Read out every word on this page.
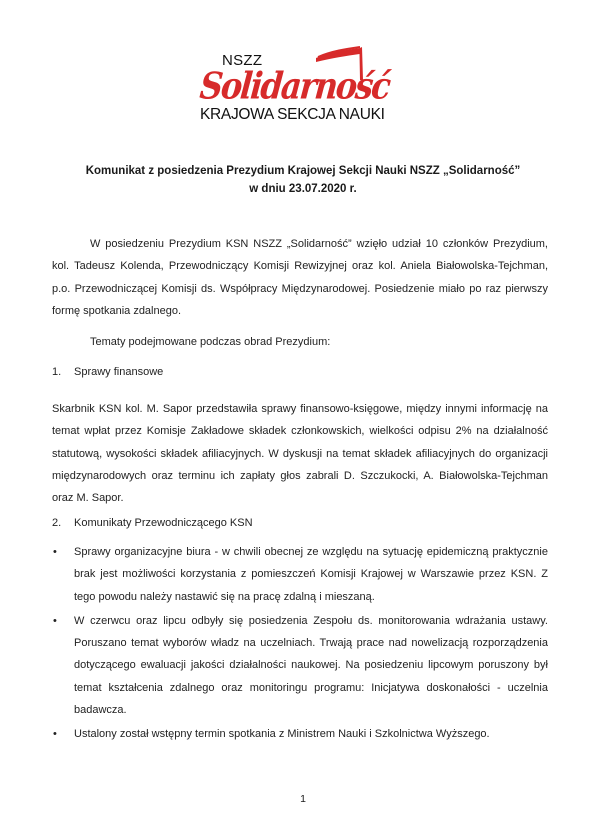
NSZZ
Solidarność
KRAJOWA SEKCJA NAUKI
Komunikat z posiedzenia Prezydium Krajowej Sekcji Nauki NSZZ „Solidarność”
w dniu 23.07.2020 r.
W posiedzeniu Prezydium KSN NSZZ „Solidarność” wzięło udział 10 członków Prezydium, kol. Tadeusz Kolenda, Przewodniczący Komisji Rewizyjnej oraz kol. Aniela Białowolska-Tejchman, p.o. Przewodniczącej Komisji ds. Współpracy Międzynarodowej. Posiedzenie miało po raz pierwszy formę spotkania zdalnego.
Tematy podejmowane podczas obrad Prezydium:
1. Sprawy finansowe
Skarbnik KSN kol. M. Sapor przedstawiła sprawy finansowo-księgowe, między innymi informację na temat wpłat przez Komisje Zakładowe składek członkowskich, wielkości odpisu 2% na działalność statutową, wysokości składek afiliacyjnych. W dyskusji na temat składek afiliacyjnych do organizacji międzynarodowych oraz terminu ich zapłaty głos zabrali D. Szczukocki, A. Białowolska-Tejchman oraz M. Sapor.
2. Komunikaty Przewodniczącego KSN
• Sprawy organizacyjne biura - w chwili obecnej ze względu na sytuację epidemiczną praktycznie brak jest możliwości korzystania z pomieszczeń Komisji Krajowej w Warszawie przez KSN. Z tego powodu należy nastawić się na pracę zdalną i mieszaną.
• W czerwcu oraz lipcu odbyły się posiedzenia Zespołu ds. monitorowania wdrażania ustawy. Poruszano temat wyborów władz na uczelniach. Trwają prace nad nowelizacją rozporządzenia dotyczącego ewaluacji jakości działalności naukowej. Na posiedzeniu lipcowym poruszony był temat kształcenia zdalnego oraz monitoringu programu: Inicjatywa doskonałości - uczelnia badawcza.
• Ustalony został wstępny termin spotkania z Ministrem Nauki i Szkolnictwa Wyższego.
1
